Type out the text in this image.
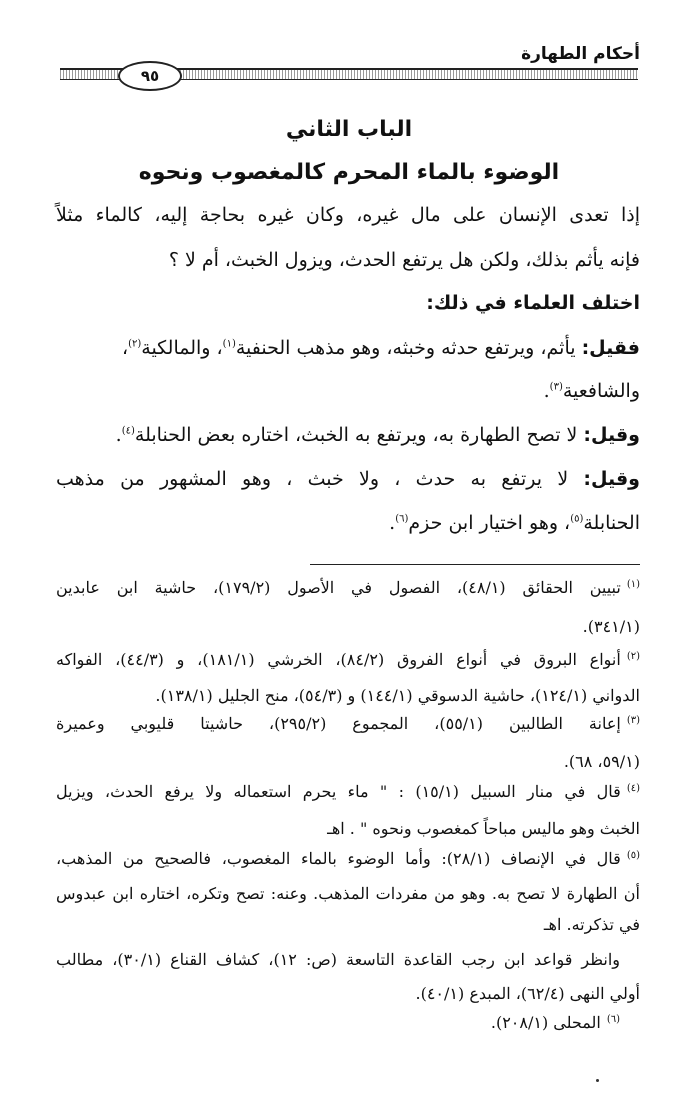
أحكام الطهارة
٩٥
الباب الثاني
الوضوء بالماء المحرم كالمغصوب ونحوه
إذا تعدى الإنسان على مال غيره، وكان غيره بحاجة إليه، كالماء مثلاً
فإنه يأثم بذلك، ولكن هل يرتفع الحدث، ويزول الخبث، أم لا ؟
اختلف العلماء في ذلك:
فقيل: يأثم، ويرتفع حدثه وخبثه، وهو مذهب الحنفية$^{(١)}$، والمالكية$^{(٢)}$،
والشافعية$^{(٣)}$.
وقيل: لا تصح الطهارة به، ويرتفع به الخبث، اختاره بعض الحنابلة$^{(٤)}$.
وقيل: لا يرتفع به حدث ، ولا خبث ، وهو المشهور من مذهب
الحنابلة$^{(٥)}$، وهو اختيار ابن حزم$^{(٦)}$.
$^{(١)}$تبيين الحقائق (٤٨/١)، الفصول في الأصول (١٧٩/٢)، حاشية ابن عابدين
(٣٤١/١).
$^{(٢)}$أنواع البروق في أنواع الفروق (٨٤/٢)، الخرشي (١٨١/١)، و (٤٤/٣)، الفواكه
الدواني (١٢٤/١)، حاشية الدسوقي (١٤٤/١) و (٥٤/٣)، منح الجليل (١٣٨/١).
$^{(٣)}$إعانة الطالبين (٥٥/١)، المجموع (٢٩٥/٢)، حاشيتا قليوبي وعميرة
(٥٩/١، ٦٨).
$^{(٤)}$قال في منار السبيل (١٥/١) : " ماء يحرم استعماله ولا يرفع الحدث، ويزيل
الخبث وهو ماليس مباحاً كمغصوب ونحوه " . اهـ
$^{(٥)}$قال في الإنصاف (٢٨/١): وأما الوضوء بالماء المغصوب، فالصحيح من المذهب،
أن الطهارة لا تصح به. وهو من مفردات المذهب. وعنه: تصح وتكره، اختاره ابن عبدوس
في تذكرته. اهـ
وانظر قواعد ابن رجب القاعدة التاسعة (ص: ١٢)، كشاف القناع (٣٠/١)، مطالب
أولي النهى (٦٢/٤)، المبدع (٤٠/١).
$^{(٦)}$المحلى (٢٠٨/١).
